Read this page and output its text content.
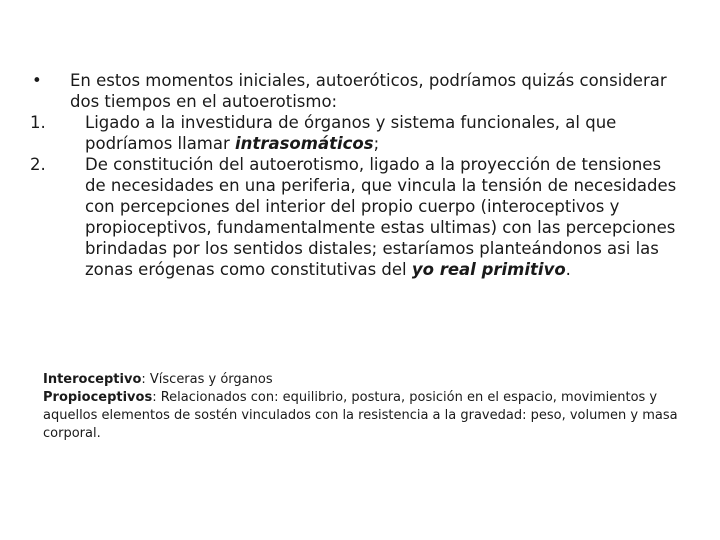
• En estos momentos iniciales, autoeróticos, podríamos quizás considerar dos tiempos en el autoerotismo:
1. Ligado a la investidura de órganos y sistema funcionales, al que podríamos llamar intrasomáticos;
2. De constitución del autoerotismo, ligado a la proyección de tensiones de necesidades en una periferia, que vincula la tensión de necesidades con percepciones del interior del propio cuerpo (interoceptivos y propioceptivos, fundamentalmente estas ultimas) con las percepciones brindadas por los sentidos distales; estaríamos planteándonos asi las zonas erógenas como constitutivas del yo real primitivo.
Interoceptivo: Vísceras y órganos
Propioceptivos: Relacionados con: equilibrio, postura, posición en el espacio, movimientos y aquellos elementos de sostén vinculados con la resistencia a la gravedad: peso, volumen y masa corporal.
